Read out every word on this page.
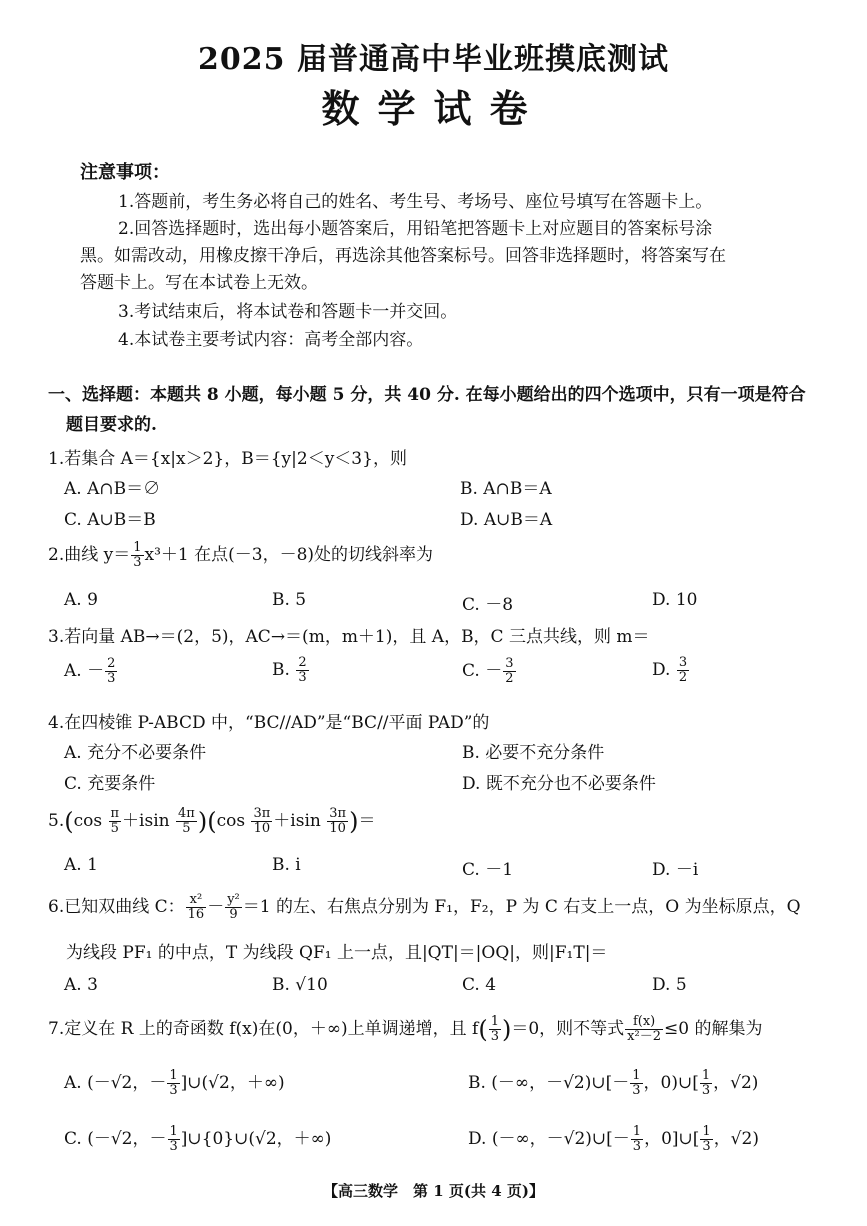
2025 届普通高中毕业班摸底测试
数学试卷
注意事项：
1.答题前，考生务必将自己的姓名、考生号、考场号、座位号填写在答题卡上。
2.回答选择题时，选出每小题答案后，用铅笔把答题卡上对应题目的答案标号涂
黑。如需改动，用橡皮擦干净后，再选涂其他答案标号。回答非选择题时，将答案写在
答题卡上。写在本试卷上无效。
3.考试结束后，将本试卷和答题卡一并交回。
4.本试卷主要考试内容：高考全部内容。
一、选择题：本题共 8 小题，每小题 5 分，共 40 分. 在每小题给出的四个选项中，只有一项是符合
题目要求的.
1.若集合 A＝{x|x＞2}，B＝{y|2＜y＜3}，则
A. A∩B＝∅	B. A∩B＝A
C. A∪B＝B	D. A∪B＝A
2.曲线 $y= \frac{1}{3} x^3+1$ 在点(－3，－8)处的切线斜率为
A. 9	B. 5	C. －8	D. 10
3.若向量 AB→＝(2，5)，AC→＝(m，m＋1)，且 A，B，C 三点共线，则 m＝
A. － $\frac{2}{3}$	B. $\frac{2}{3}$	C. － $\frac{3}{2}$	D. $\frac{3}{2}$
4.在四棱锥 P-ABCD 中，“BC//AD”是“BC//平面 PAD”的
A. 充分不必要条件	B. 必要不充分条件
C. 充要条件	D. 既不充分也不必要条件
$5.(\cos \frac{\pi}{5} +isin \frac{4\pi}{5} )(\cos \frac{3\pi}{10} +isin \frac{3\pi}{10}$ )＝
A. 1	B. i	C. －1	D. －i
6.已知双曲线 C： $\frac{\text{x²}}{16} - \frac{\text{y²}}{9} =1$ 的左、右焦点分别为 F₁，F₂，P 为 C 右支上一点，O 为坐标原点，Q
为线段 PF₁ 的中点，T 为线段 QF₁ 上一点，且|QT|＝|OQ|，则|F₁T|＝
A. 3	B. √10	C. 4	D. 5
7.定义在 R 上的奇函数 f(x)在(0，＋∞)上单调递增，且 $f( \frac{1}{3} )=0$，则不等式 $\frac{f(x)}{\text{x²－2}} \le 0$ 的解集为
A. (－√2，－ $\frac{1}{3}$ ]∪(√2，＋∞)	B. (－∞，－√2)∪[－ $\frac{1}{3}$ ，0)∪[ $\frac{1}{3}$ ，√2)
C. (－√2，－ $\frac{1}{3}$ ]∪{0}∪(√2，＋∞)	D. (－∞，－√2)∪[－ $\frac{1}{3}$ ，0]∪[ $\frac{1}{3}$ ，√2)
【高三数学　第 1 页(共 4 页)】
